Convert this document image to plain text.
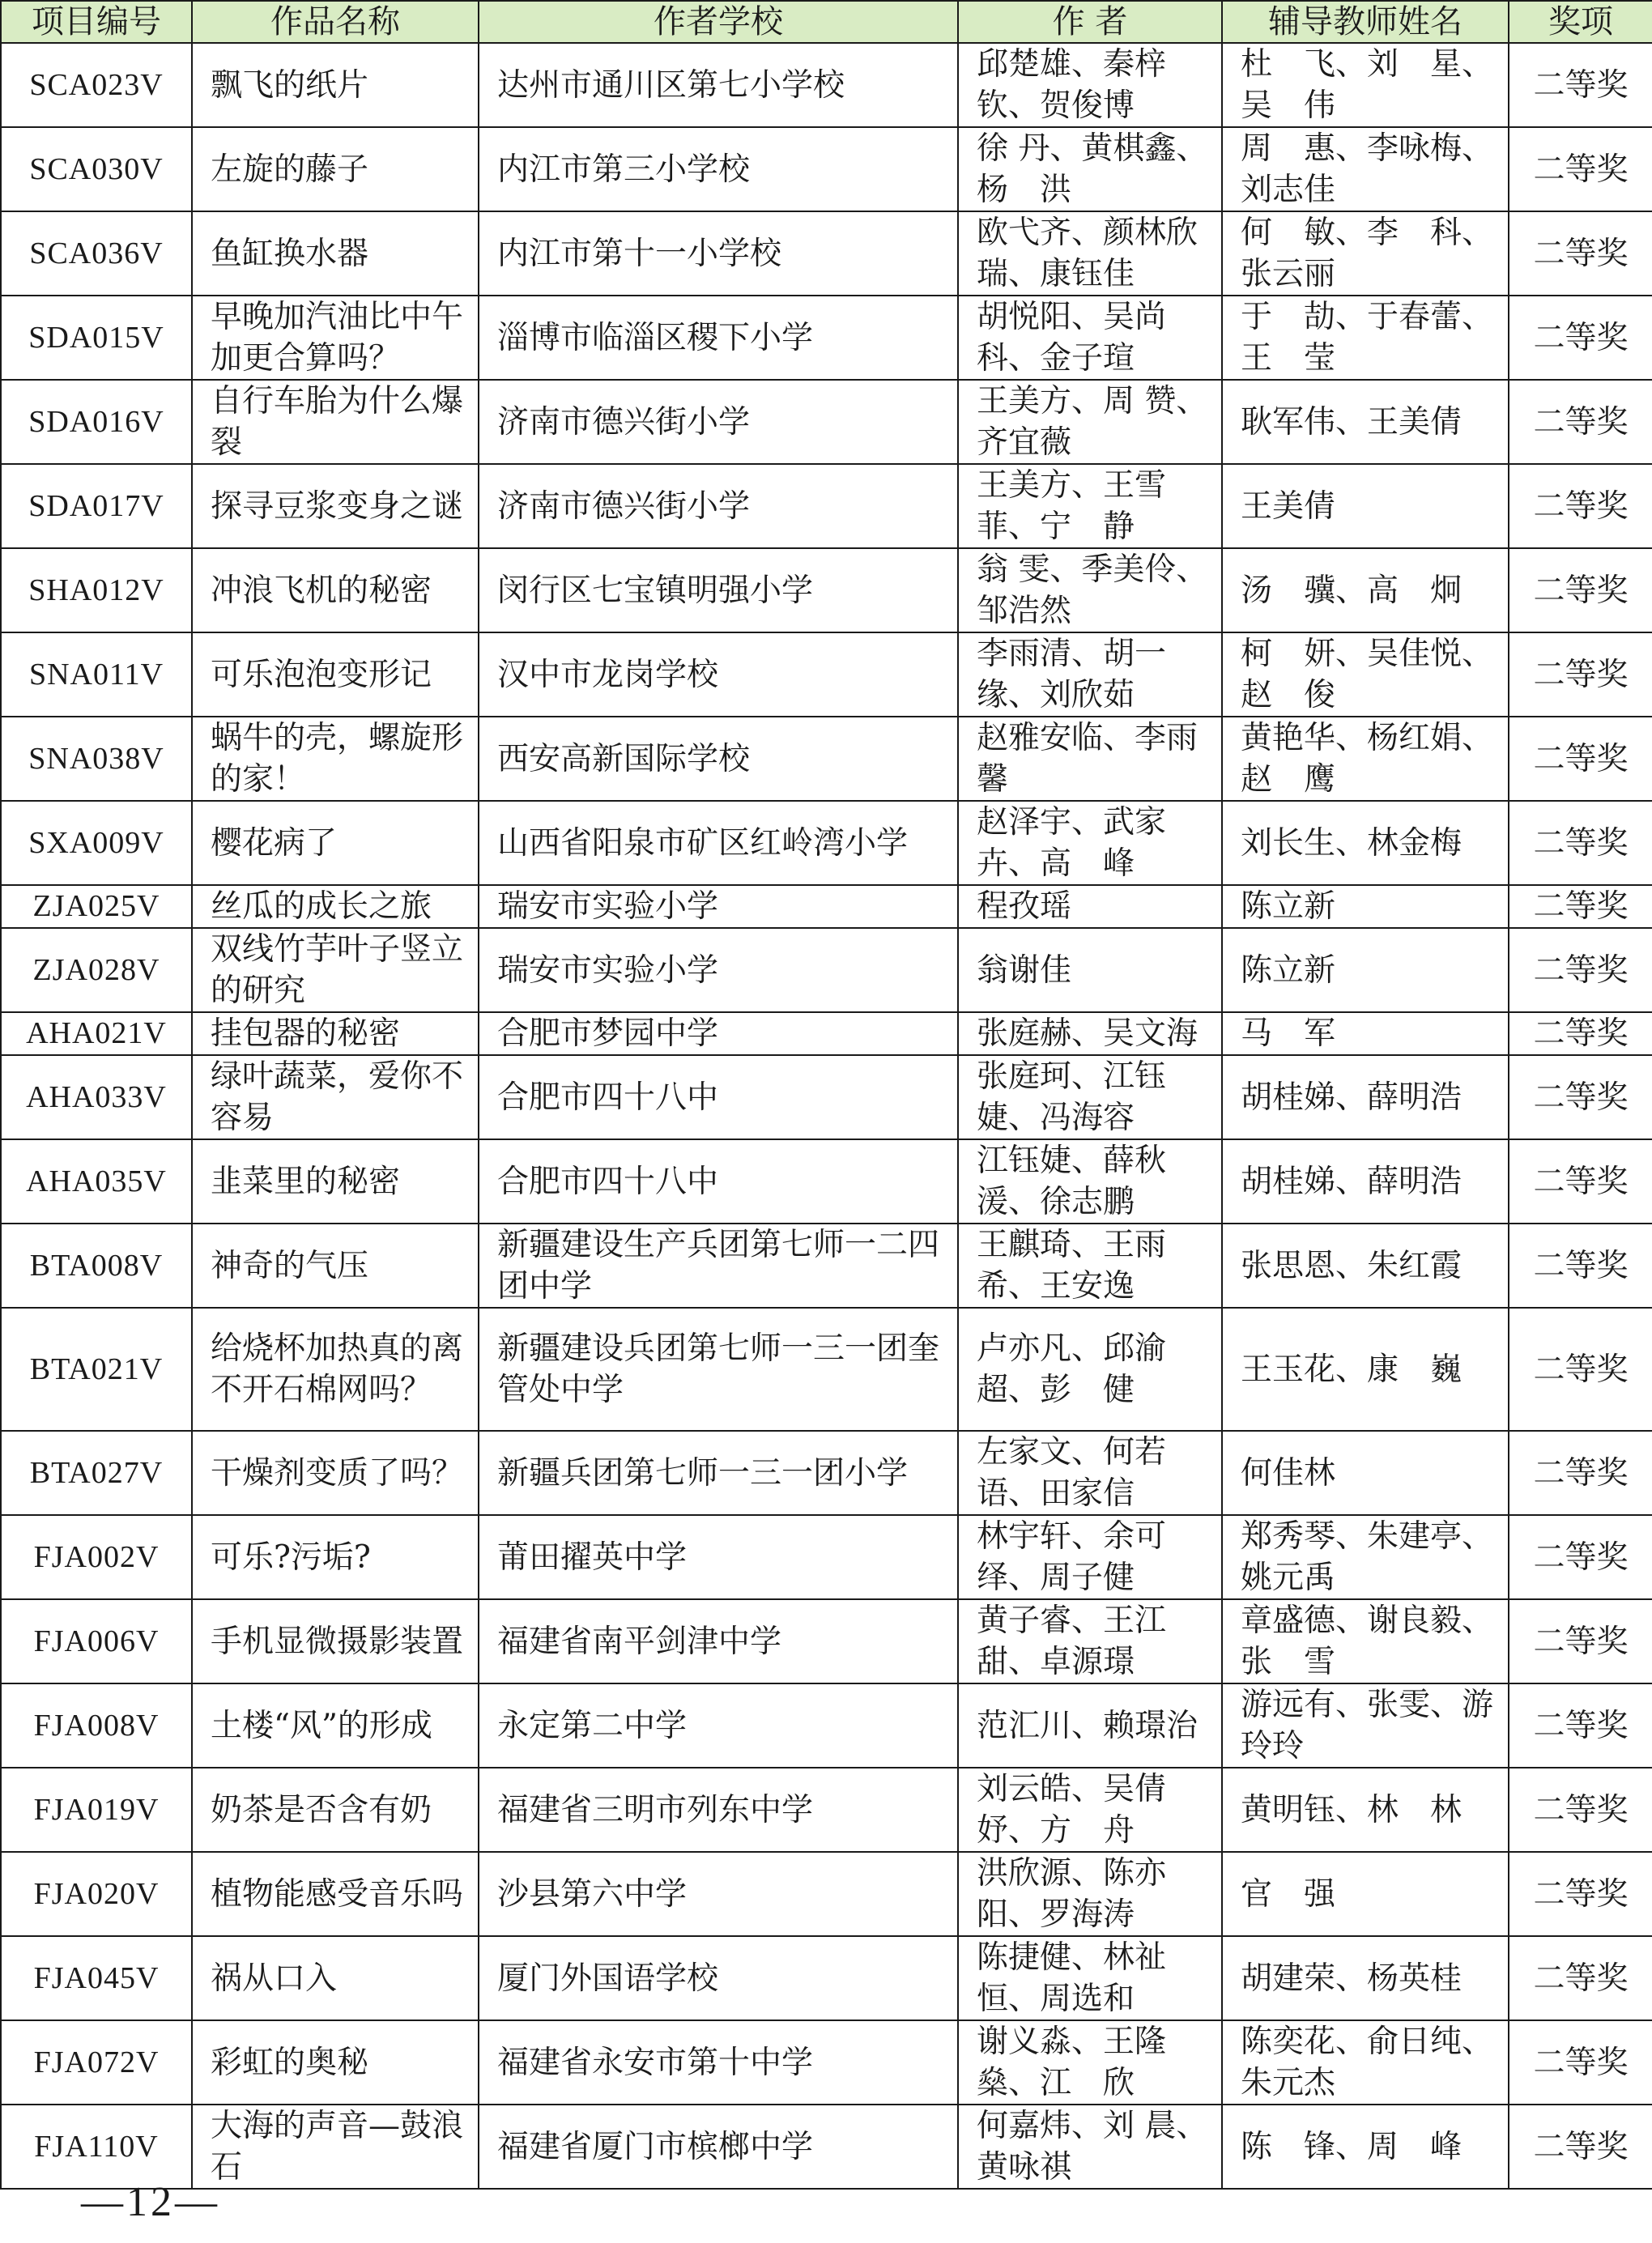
项目编号	作品名称	作者学校	作 者	辅导教师姓名	奖项
SCA023V	飘飞的纸片	达州市通川区第七小学校	邱楚雄、秦梓钦、贺俊博	杜　飞、刘　星、吴　伟	二等奖
SCA030V	左旋的藤子	内江市第三小学校	徐 丹、黄棋鑫、杨　洪	周　惠、李咏梅、刘志佳	二等奖
SCA036V	鱼缸换水器	内江市第十一小学校	欧弋齐、颜林欣瑞、康钰佳	何　敏、李　科、张云丽	二等奖
SDA015V	早晚加汽油比中午加更合算吗？	淄博市临淄区稷下小学	胡悦阳、吴尚科、金子瑄	于　劼、于春蕾、王　莹	二等奖
SDA016V	自行车胎为什么爆裂	济南市德兴街小学	王美方、周 赞、齐宜薇	耿军伟、王美倩	二等奖
SDA017V	探寻豆浆变身之谜	济南市德兴街小学	王美方、王雪菲、宁　静	王美倩	二等奖
SHA012V	冲浪飞机的秘密	闵行区七宝镇明强小学	翁 雯、季美伶、邹浩然	汤　骥、高　炯	二等奖
SNA011V	可乐泡泡变形记	汉中市龙岗学校	李雨清、胡一缘、刘欣茹	柯　妍、吴佳悦、赵　俊	二等奖
SNA038V	蜗牛的壳，螺旋形的家！	西安高新国际学校	赵雅安临、李雨馨	黄艳华、杨红娟、赵　鹰	二等奖
SXA009V	樱花病了	山西省阳泉市矿区红岭湾小学	赵泽宇、武家卉、高　峰	刘长生、林金梅	二等奖
ZJA025V	丝瓜的成长之旅	瑞安市实验小学	程孜瑶	陈立新	二等奖
ZJA028V	双线竹芋叶子竖立的研究	瑞安市实验小学	翁谢佳	陈立新	二等奖
AHA021V	挂包器的秘密	合肥市梦园中学	张庭赫、吴文海	马　军	二等奖
AHA033V	绿叶蔬菜，爱你不容易	合肥市四十八中	张庭珂、江钰婕、冯海容	胡桂娣、薛明浩	二等奖
AHA035V	韭菜里的秘密	合肥市四十八中	江钰婕、薛秋湲、徐志鹏	胡桂娣、薛明浩	二等奖
BTA008V	神奇的气压	新疆建设生产兵团第七师一二四团中学	王麒琦、王雨希、王安逸	张思恩、朱红霞	二等奖
BTA021V	给烧杯加热真的离不开石棉网吗？	新疆建设兵团第七师一三一团奎管处中学	卢亦凡、邱渝超、彭　健	王玉花、康　巍	二等奖
BTA027V	干燥剂变质了吗？	新疆兵团第七师一三一团小学	左家文、何若语、田家信	何佳林	二等奖
FJA002V	可乐?污垢?	莆田擢英中学	林宇轩、余可绎、周子健	郑秀琴、朱建亭、姚元禹	二等奖
FJA006V	手机显微摄影装置	福建省南平剑津中学	黄子睿、王江甜、卓源璟	章盛德、谢良毅、张　雪	二等奖
FJA008V	土楼“风”的形成	永定第二中学	范汇川、赖璟治	游远有、张雯、游玲玲	二等奖
FJA019V	奶茶是否含有奶	福建省三明市列东中学	刘云皓、吴倩妤、方　舟	黄明钰、林　林	二等奖
FJA020V	植物能感受音乐吗	沙县第六中学	洪欣源、陈亦阳、罗海涛	官　强	二等奖
FJA045V	祸从口入	厦门外国语学校	陈捷健、林祉恒、周选和	胡建荣、杨英桂	二等奖
FJA072V	彩虹的奥秘	福建省永安市第十中学	谢义淼、王隆燊、江　欣	陈奕花、俞日纯、朱元杰	二等奖
FJA110V	大海的声音—鼓浪石	福建省厦门市槟榔中学	何嘉炜、刘 晨、黄咏祺	陈　锋、周　峰	二等奖
—12—
